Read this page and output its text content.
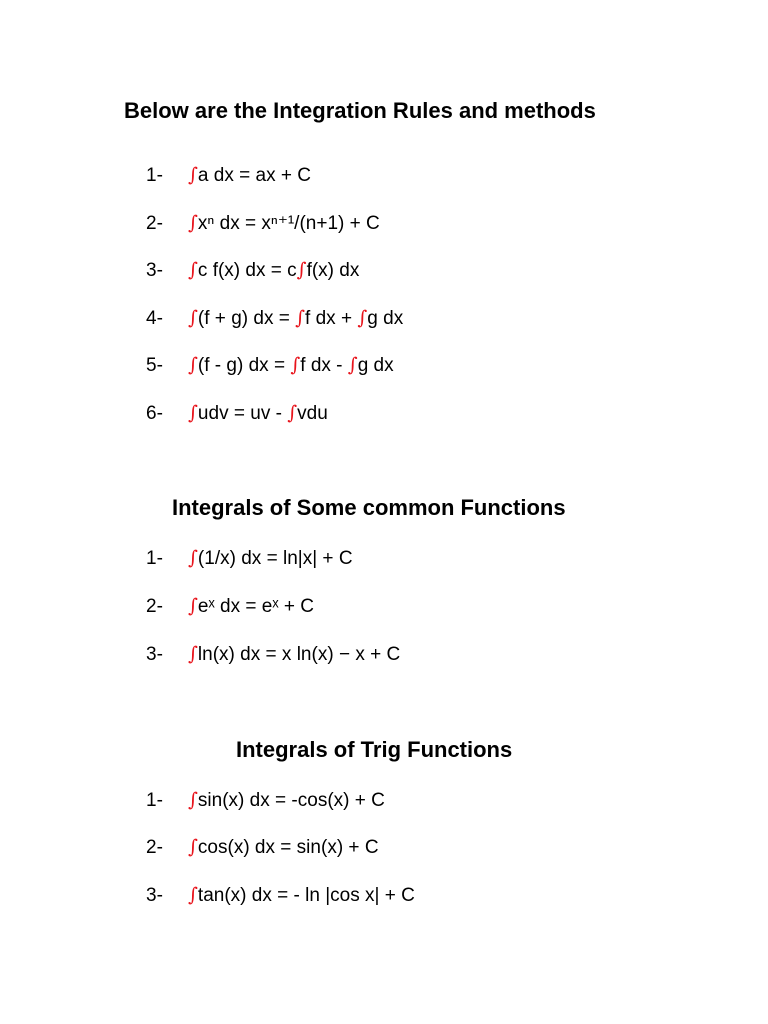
Below are the Integration Rules and methods
1-	∫a dx = ax + C
2-	∫xⁿ dx = xⁿ⁺¹/(n+1) + C
3-	∫c f(x) dx = c∫f(x) dx
4-	∫(f + g) dx = ∫f dx + ∫g dx
5-	∫(f - g) dx = ∫f dx - ∫g dx
6-	∫udv = uv - ∫vdu
Integrals of Some common Functions
1-	∫(1/x) dx = ln|x| + C
2-	∫eˣ dx = eˣ + C
3-	∫ln(x) dx = x ln(x) − x + C
Integrals of Trig Functions
1-	∫sin(x) dx = -cos(x) + C
2-	∫cos(x) dx = sin(x) + C
3-	∫tan(x) dx = - ln |cos x| + C
